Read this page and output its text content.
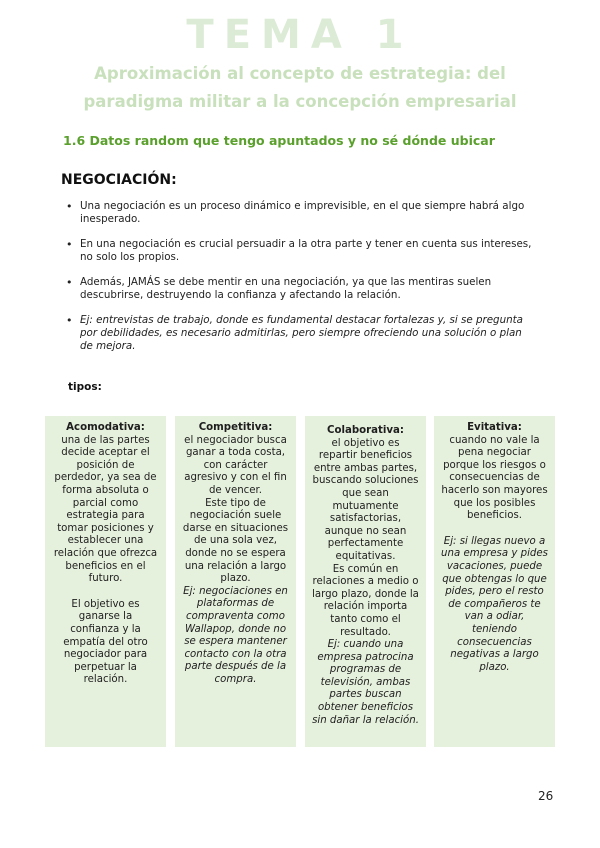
TEMA 1
Aproximación al concepto de estrategia: del
paradigma militar a la concepción empresarial
1.6 Datos random que tengo apuntados y no sé dónde ubicar
NEGOCIACIÓN:
• Una negociación es un proceso dinámico e imprevisible, en el que siempre habrá algo inesperado.
• En una negociación es crucial persuadir a la otra parte y tener en cuenta sus intereses, no solo los propios.
• Además, JAMÁS se debe mentir en una negociación, ya que las mentiras suelen descubrirse, destruyendo la confianza y afectando la relación.
• Ej: entrevistas de trabajo, donde es fundamental destacar fortalezas y, si se pregunta por debilidades, es necesario admitirlas, pero siempre ofreciendo una solución o plan de mejora.
tipos:

Acomodativa:
una de las partes decide aceptar el posición de perdedor, ya sea de forma absoluta o parcial como estrategia para tomar posiciones y establecer una relación que ofrezca beneficios en el futuro.

El objetivo es ganarse la confianza y la empatía del otro negociador para perpetuar la relación.

Competitiva:
el negociador busca ganar a toda costa, con carácter agresivo y con el fin de vencer.

Este tipo de negociación suele darse en situaciones de una sola vez, donde no se espera una relación a largo plazo.

Ej: negociaciones en plataformas de compraventa como Wallapop, donde no se espera mantener contacto con la otra parte después de la compra.

Colaborativa:
el objetivo es repartir beneficios entre ambas partes, buscando soluciones que sean mutuamente satisfactorias, aunque no sean perfectamente equitativas.

Es común en relaciones a medio o largo plazo, donde la relación importa tanto como el resultado.

Ej: cuando una empresa patrocina programas de televisión, ambas partes buscan obtener beneficios sin dañar la relación.

Evitativa:
cuando no vale la pena negociar porque los riesgos o consecuencias de hacerlo son mayores que los posibles beneficios.

Ej: si llegas nuevo a una empresa y pides vacaciones, puede que obtengas lo que pides, pero el resto de compañeros te van a odiar, teniendo consecuencias negativas a largo plazo.

26
